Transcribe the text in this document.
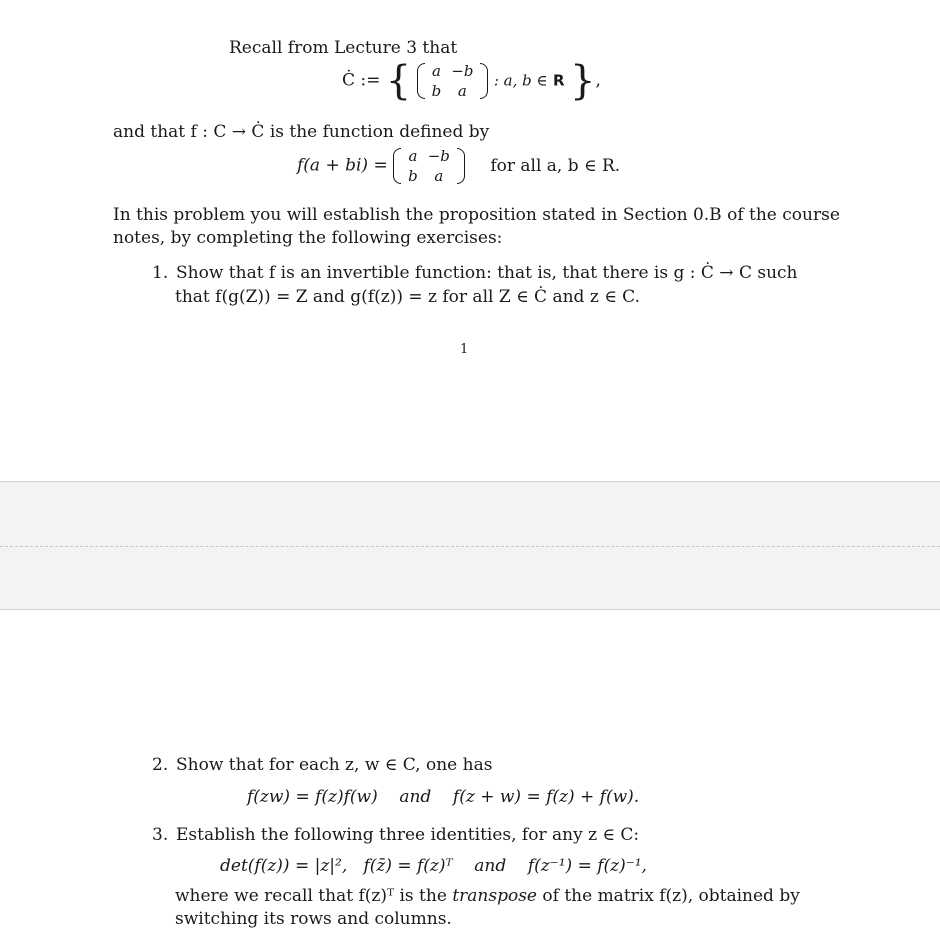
Recall from Lecture 3 that
Ċ := { a	−b
b	a
: a, b ∈ R },
and that f : C → Ċ is the function defined by
f(a + bi) = a	−b
b	a
for all a, b ∈ R.
In this problem you will establish the proposition stated in Section 0.B of the course
notes, by completing the following exercises:
1. Show that f is an invertible function: that is, that there is g : Ċ → C such
that f(g(Z)) = Z and g(f(z)) = z for all Z ∈ Ċ and z ∈ C.
1
2. Show that for each z, w ∈ C, one has
f(zw) = f(z)f(w)    and    f(z + w) = f(z) + f(w).
3. Establish the following three identities, for any z ∈ C:
det(f(z)) = |z|²,   f(z̄) = f(z)ᵀ    and    f(z⁻¹) = f(z)⁻¹,
where we recall that f(z)ᵀ is the transpose of the matrix f(z), obtained by
switching its rows and columns.
